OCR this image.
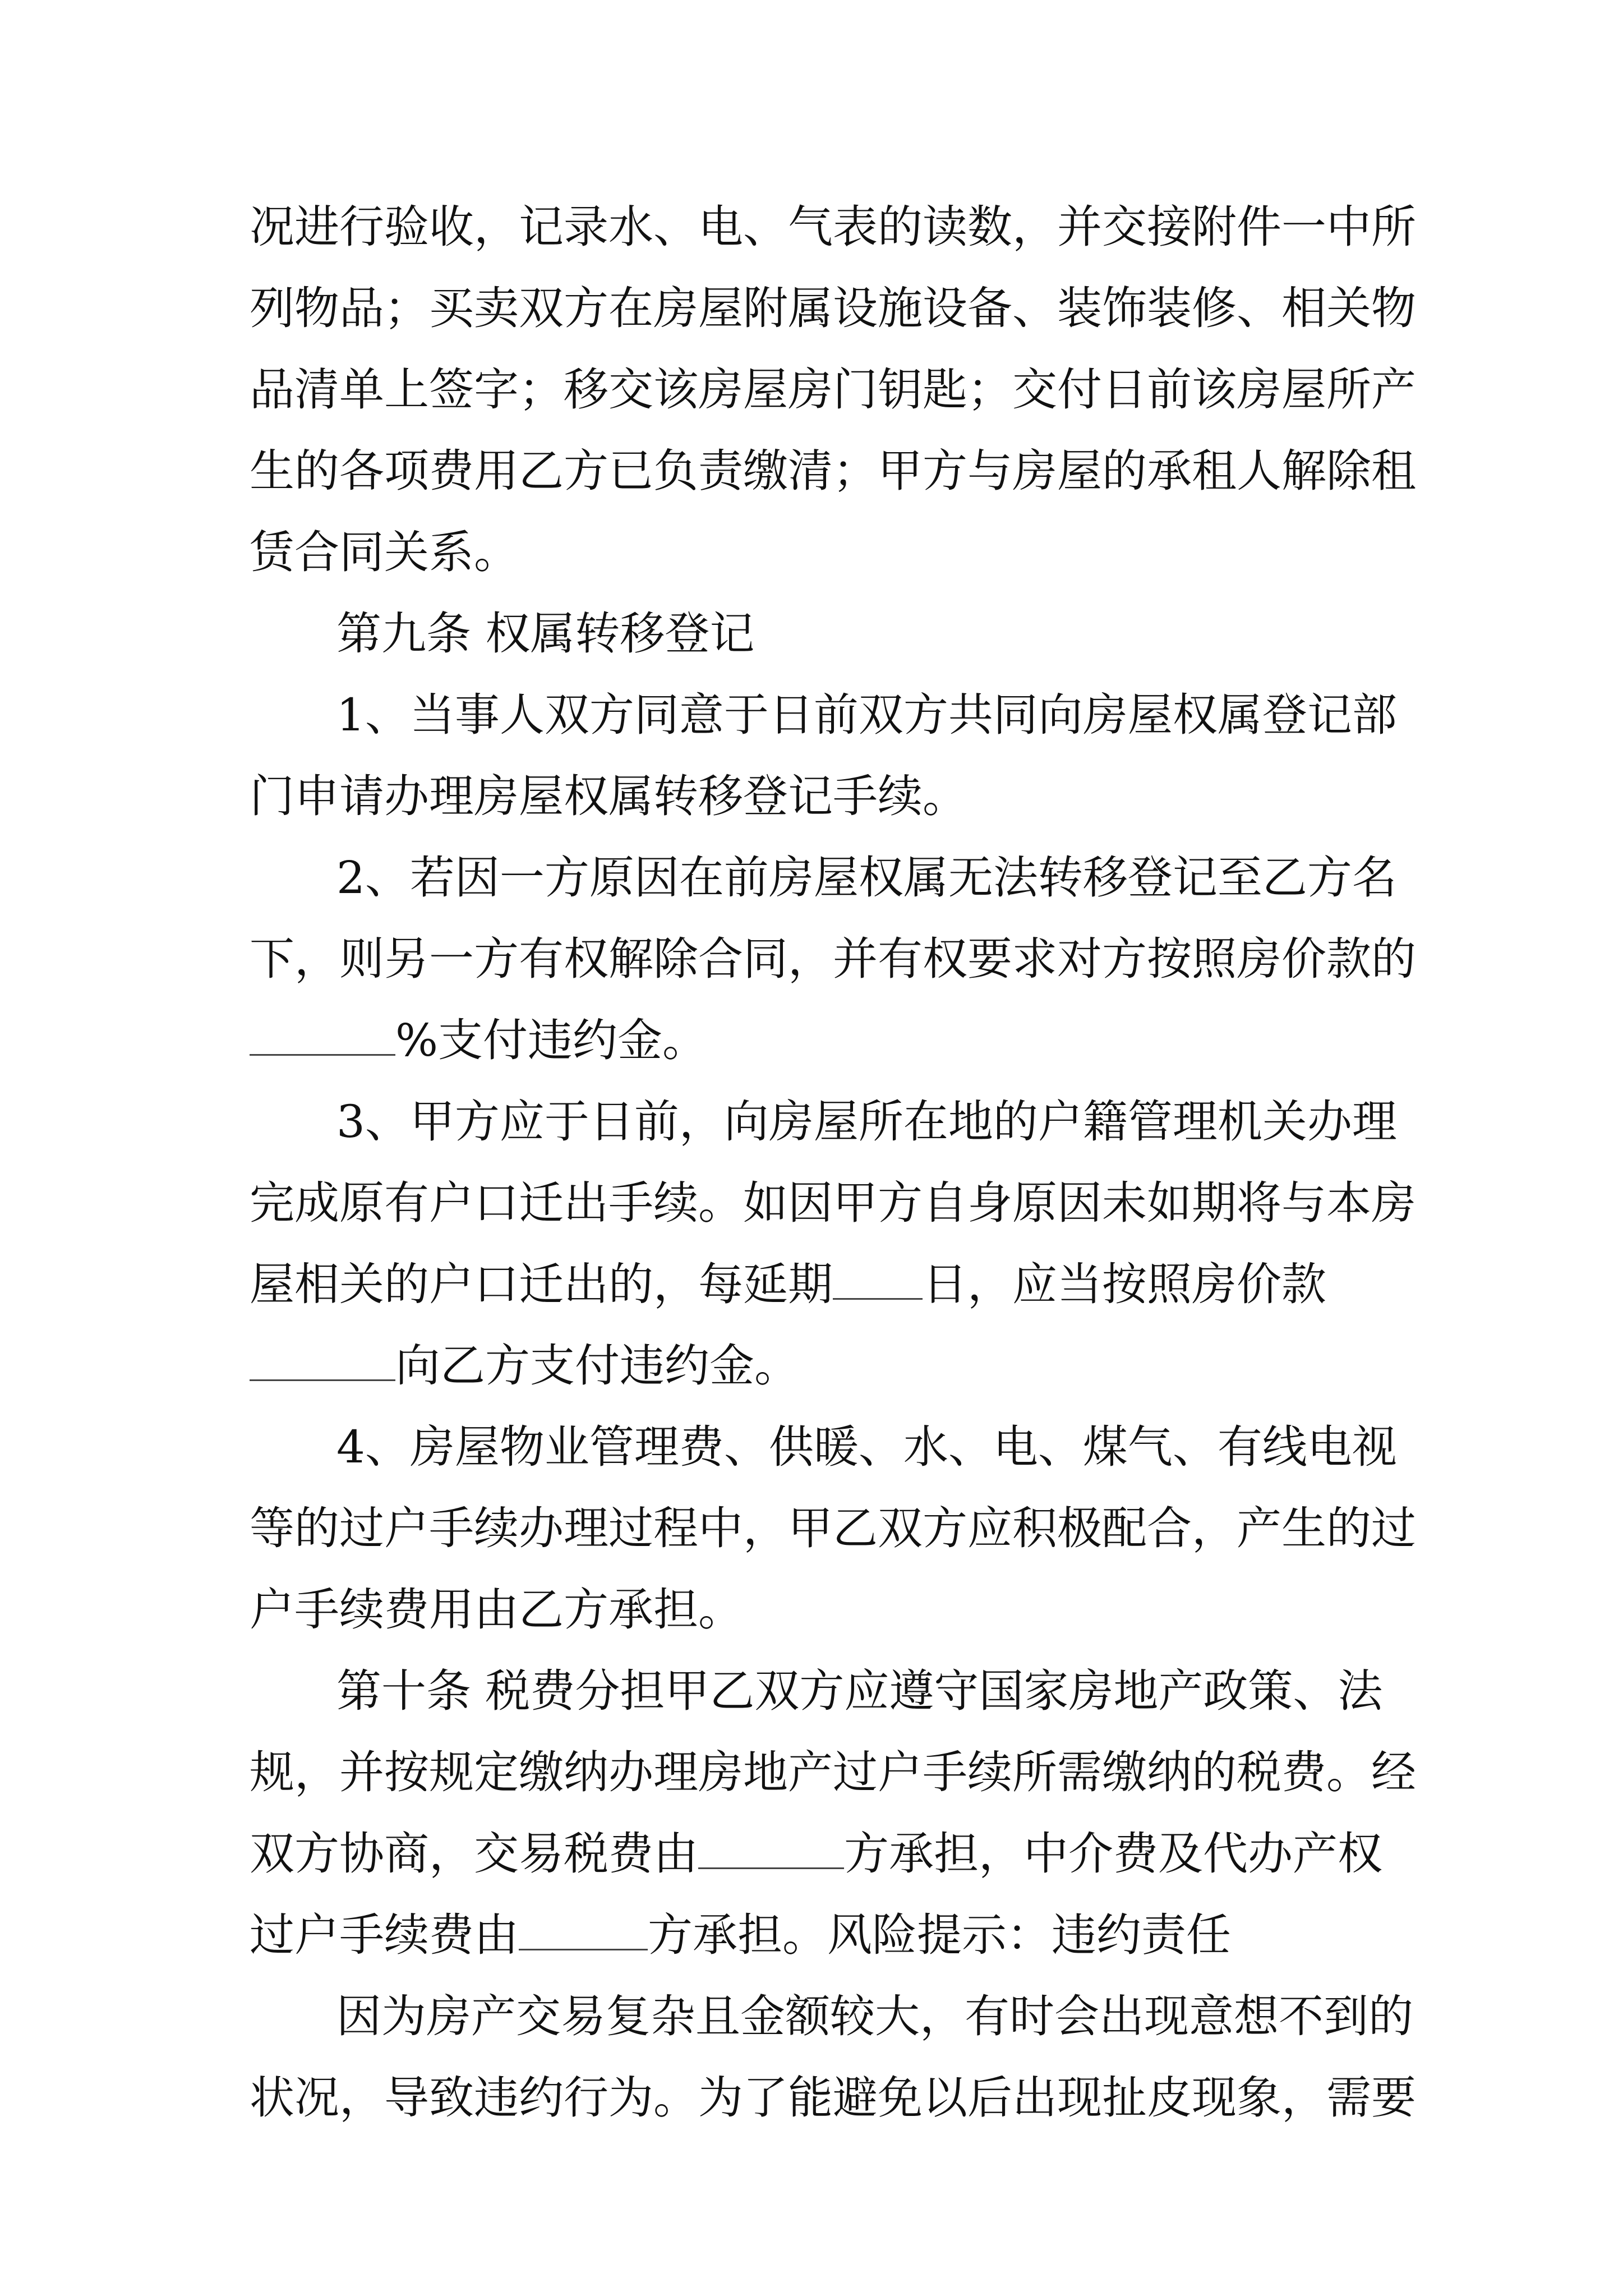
况进行验收，记录水、电、气表的读数，并交接附件一中所
列物品；买卖双方在房屋附属设施设备、装饰装修、相关物
品清单上签字；移交该房屋房门钥匙；交付日前该房屋所产
生的各项费用乙方已负责缴清；甲方与房屋的承租人解除租
赁合同关系。
第九条 权属转移登记
1、当事人双方同意于日前双方共同向房屋权属登记部
门申请办理房屋权属转移登记手续。
2、若因一方原因在前房屋权属无法转移登记至乙方名
下，则另一方有权解除合同，并有权要求对方按照房价款的
%支付违约金。
3、甲方应于日前，向房屋所在地的户籍管理机关办理
完成原有户口迁出手续。如因甲方自身原因未如期将与本房
屋相关的户口迁出的，每延期 日，应当按照房价款
向乙方支付违约金。
4、房屋物业管理费、供暖、水、电、煤气、有线电视
等的过户手续办理过程中，甲乙双方应积极配合，产生的过
户手续费用由乙方承担。
第十条 税费分担甲乙双方应遵守国家房地产政策、法
规，并按规定缴纳办理房地产过户手续所需缴纳的税费。经
双方协商，交易税费由	方承担，中介费及代办产权
过户手续费由	方承担。风险提示：违约责任
因为房产交易复杂且金额较大，有时会出现意想不到的
状况，导致违约行为。为了能避免以后出现扯皮现象，需要
